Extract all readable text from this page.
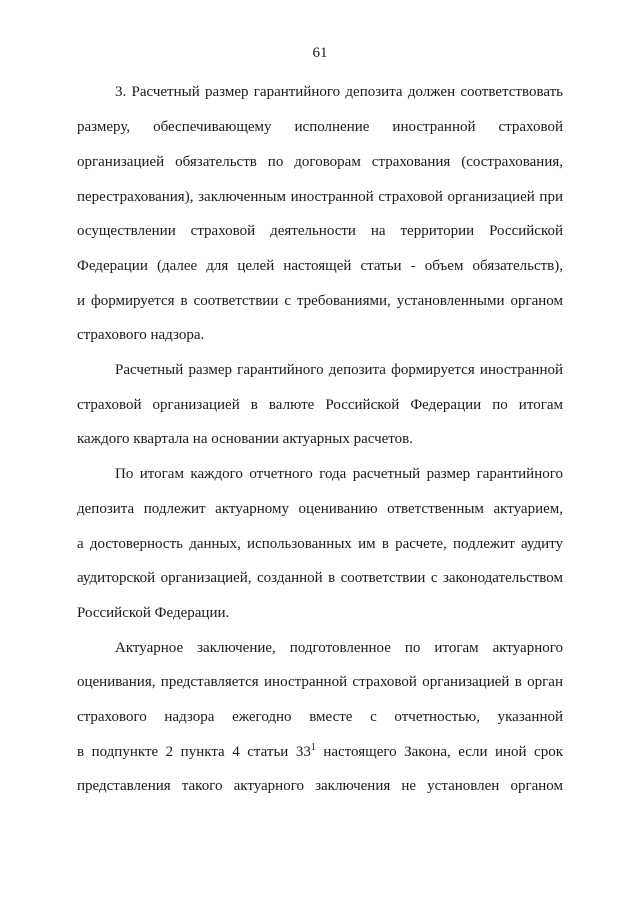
61
3. Расчетный размер гарантийного депозита должен соответствовать
размеру, обеспечивающему исполнение иностранной страховой
организацией обязательств по договорам страхования (сострахования,
перестрахования), заключенным иностранной страховой организацией при
осуществлении страховой деятельности на территории Российской
Федерации (далее для целей настоящей статьи - объем обязательств),
и формируется в соответствии с требованиями, установленными органом
страхового надзора.
Расчетный размер гарантийного депозита формируется иностранной
страховой организацией в валюте Российской Федерации по итогам
каждого квартала на основании актуарных расчетов.
По итогам каждого отчетного года расчетный размер гарантийного
депозита подлежит актуарному оцениванию ответственным актуарием,
а достоверность данных, использованных им в расчете, подлежит аудиту
аудиторской организацией, созданной в соответствии с законодательством
Российской Федерации.
Актуарное заключение, подготовленное по итогам актуарного
оценивания, представляется иностранной страховой организацией в орган
страхового надзора ежегодно вместе с отчетностью, указанной
в подпункте 2 пункта 4 статьи $33^1$ настоящего Закона, если иной срок
представления такого актуарного заключения не установлен органом
